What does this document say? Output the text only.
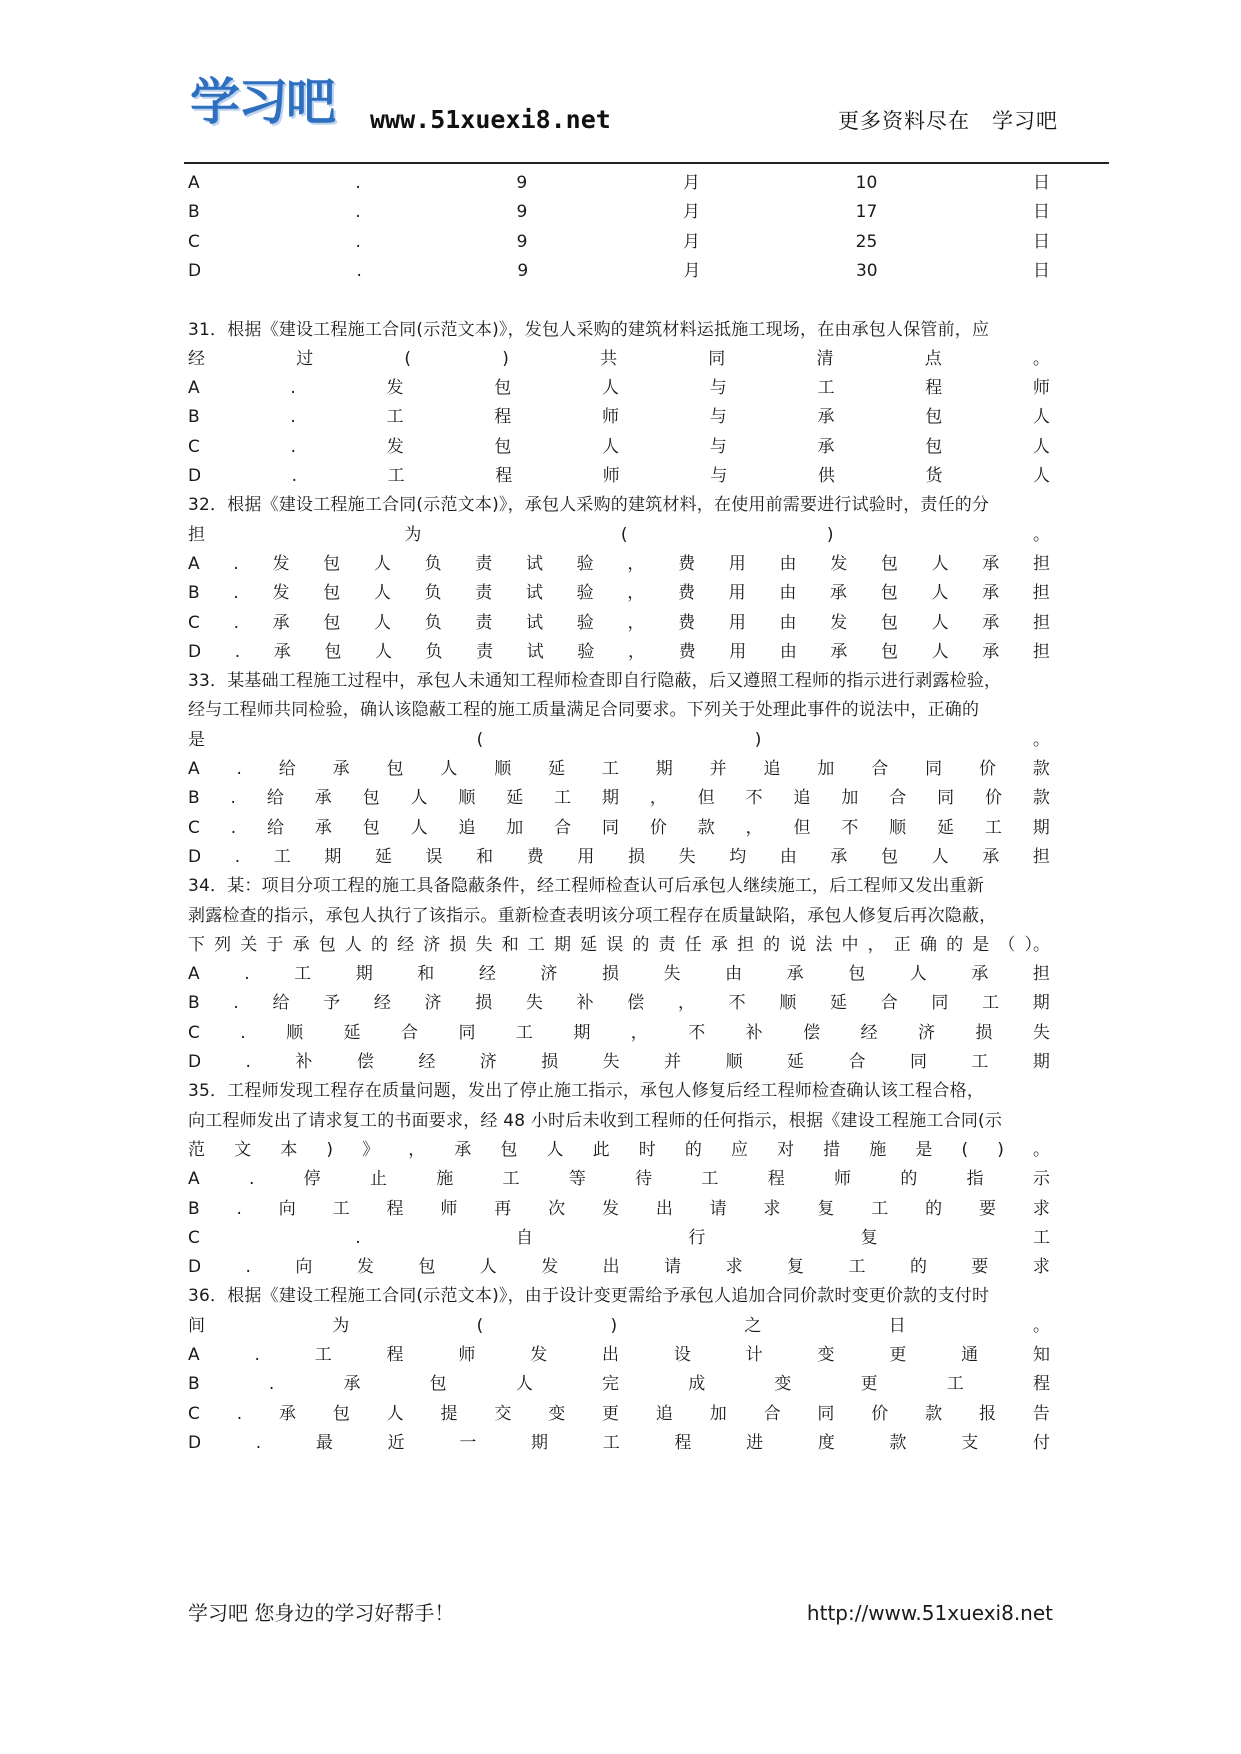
学习吧 www.51xuexi8.net	更多资料尽在　学习吧
A	.	9	月	10	日
B	.	9	月	17	日
C	.	9	月	25	日
D	.	9	月	30	日
31．根据《建设工程施工合同(示范文本)》，发包人采购的建筑材料运抵施工现场，在由承包人保管前，应
经	过	(	)	共	同	清	点	。
A	.	发	包	人	与	工	程	师
B	.	工	程	师	与	承	包	人
C	.	发	包	人	与	承	包	人
D	.	工	程	师	与	供	货	人
32．根据《建设工程施工合同(示范文本)》，承包人采购的建筑材料，在使用前需要进行试验时，责任的分
担	为	(	)	。
A . 发 包 人 负 责 试 验 ， 费 用 由 发 包 人 承 担
B . 发 包 人 负 责 试 验 ， 费 用 由 承 包 人 承 担
C . 承 包 人 负 责 试 验 ， 费 用 由 发 包 人 承 担
D . 承 包 人 负 责 试 验 ， 费 用 由 承 包 人 承 担
33．某基础工程施工过程中，承包人未通知工程师检查即自行隐蔽，后又遵照工程师的指示进行剥露检验，
经与工程师共同检验，确认该隐蔽工程的施工质量满足合同要求。下列关于处理此事件的说法中，正确的
是	(	)	。
A . 给 承 包 人 顺 延 工 期 并 追 加 合 同 价 款
B . 给 承 包 人 顺 延 工 期 ， 但 不 追 加 合 同 价 款
C . 给 承 包 人 追 加 合 同 价 款 ， 但 不 顺 延 工 期
D . 工 期 延 误 和 费 用 损 失 均 由 承 包 人 承 担
34．某：项目分项工程的施工具备隐蔽条件，经工程师检查认可后承包人继续施工，后工程师又发出重新
剥露检查的指示，承包人执行了该指示。重新检查表明该分项工程存在质量缺陷，承包人修复后再次隐蔽，
下 列 关 于 承 包 人 的 经 济 损 失 和 工 期 延 误 的 责 任 承 担 的 说 法 中 ， 正 确 的 是 （ ）。
A	.	工	期	和	经	济	损	失	由	承	包	人	承	担
B . 给 予 经 济 损 失 补 偿 ， 不 顺 延 合 同 工 期
C . 顺 延 合 同 工 期 ， 不 补 偿 经 济 损 失
D	.	补	偿	经	济	损	失	并	顺	延	合	同	工	期
35．工程师发现工程存在质量问题，发出了停止施工指示，承包人修复后经工程师检查确认该工程合格，
向工程师发出了请求复工的书面要求，经 48 小时后未收到工程师的任何指示，根据《建设工程施工合同(示
范 文 本 ) 》 ， 承 包 人 此 时 的 应 对 措 施 是 ( ) 。
A	.	停	止	施	工	等	待	工	程	师	的	指	示
B . 向 工 程 师 再 次 发 出 请 求 复 工 的 要 求
C	.	自	行	复	工
D	.	向	发	包	人	发	出	请	求	复	工	的	要	求
36．根据《建设工程施工合同(示范文本)》，由于设计变更需给予承包人追加合同价款时变更价款的支付时
间	为	(	)	之	日	。
A	.	工	程	师	发	出	设	计	变	更	通	知
B	.	承	包	人	完	成	变	更	工	程
C . 承 包 人 提 交 变 更 追 加 合 同 价 款 报 告
D	.	最	近	一	期	工	程	进	度	款	支	付
学习吧 您身边的学习好帮手！	http://www.51xuexi8.net
